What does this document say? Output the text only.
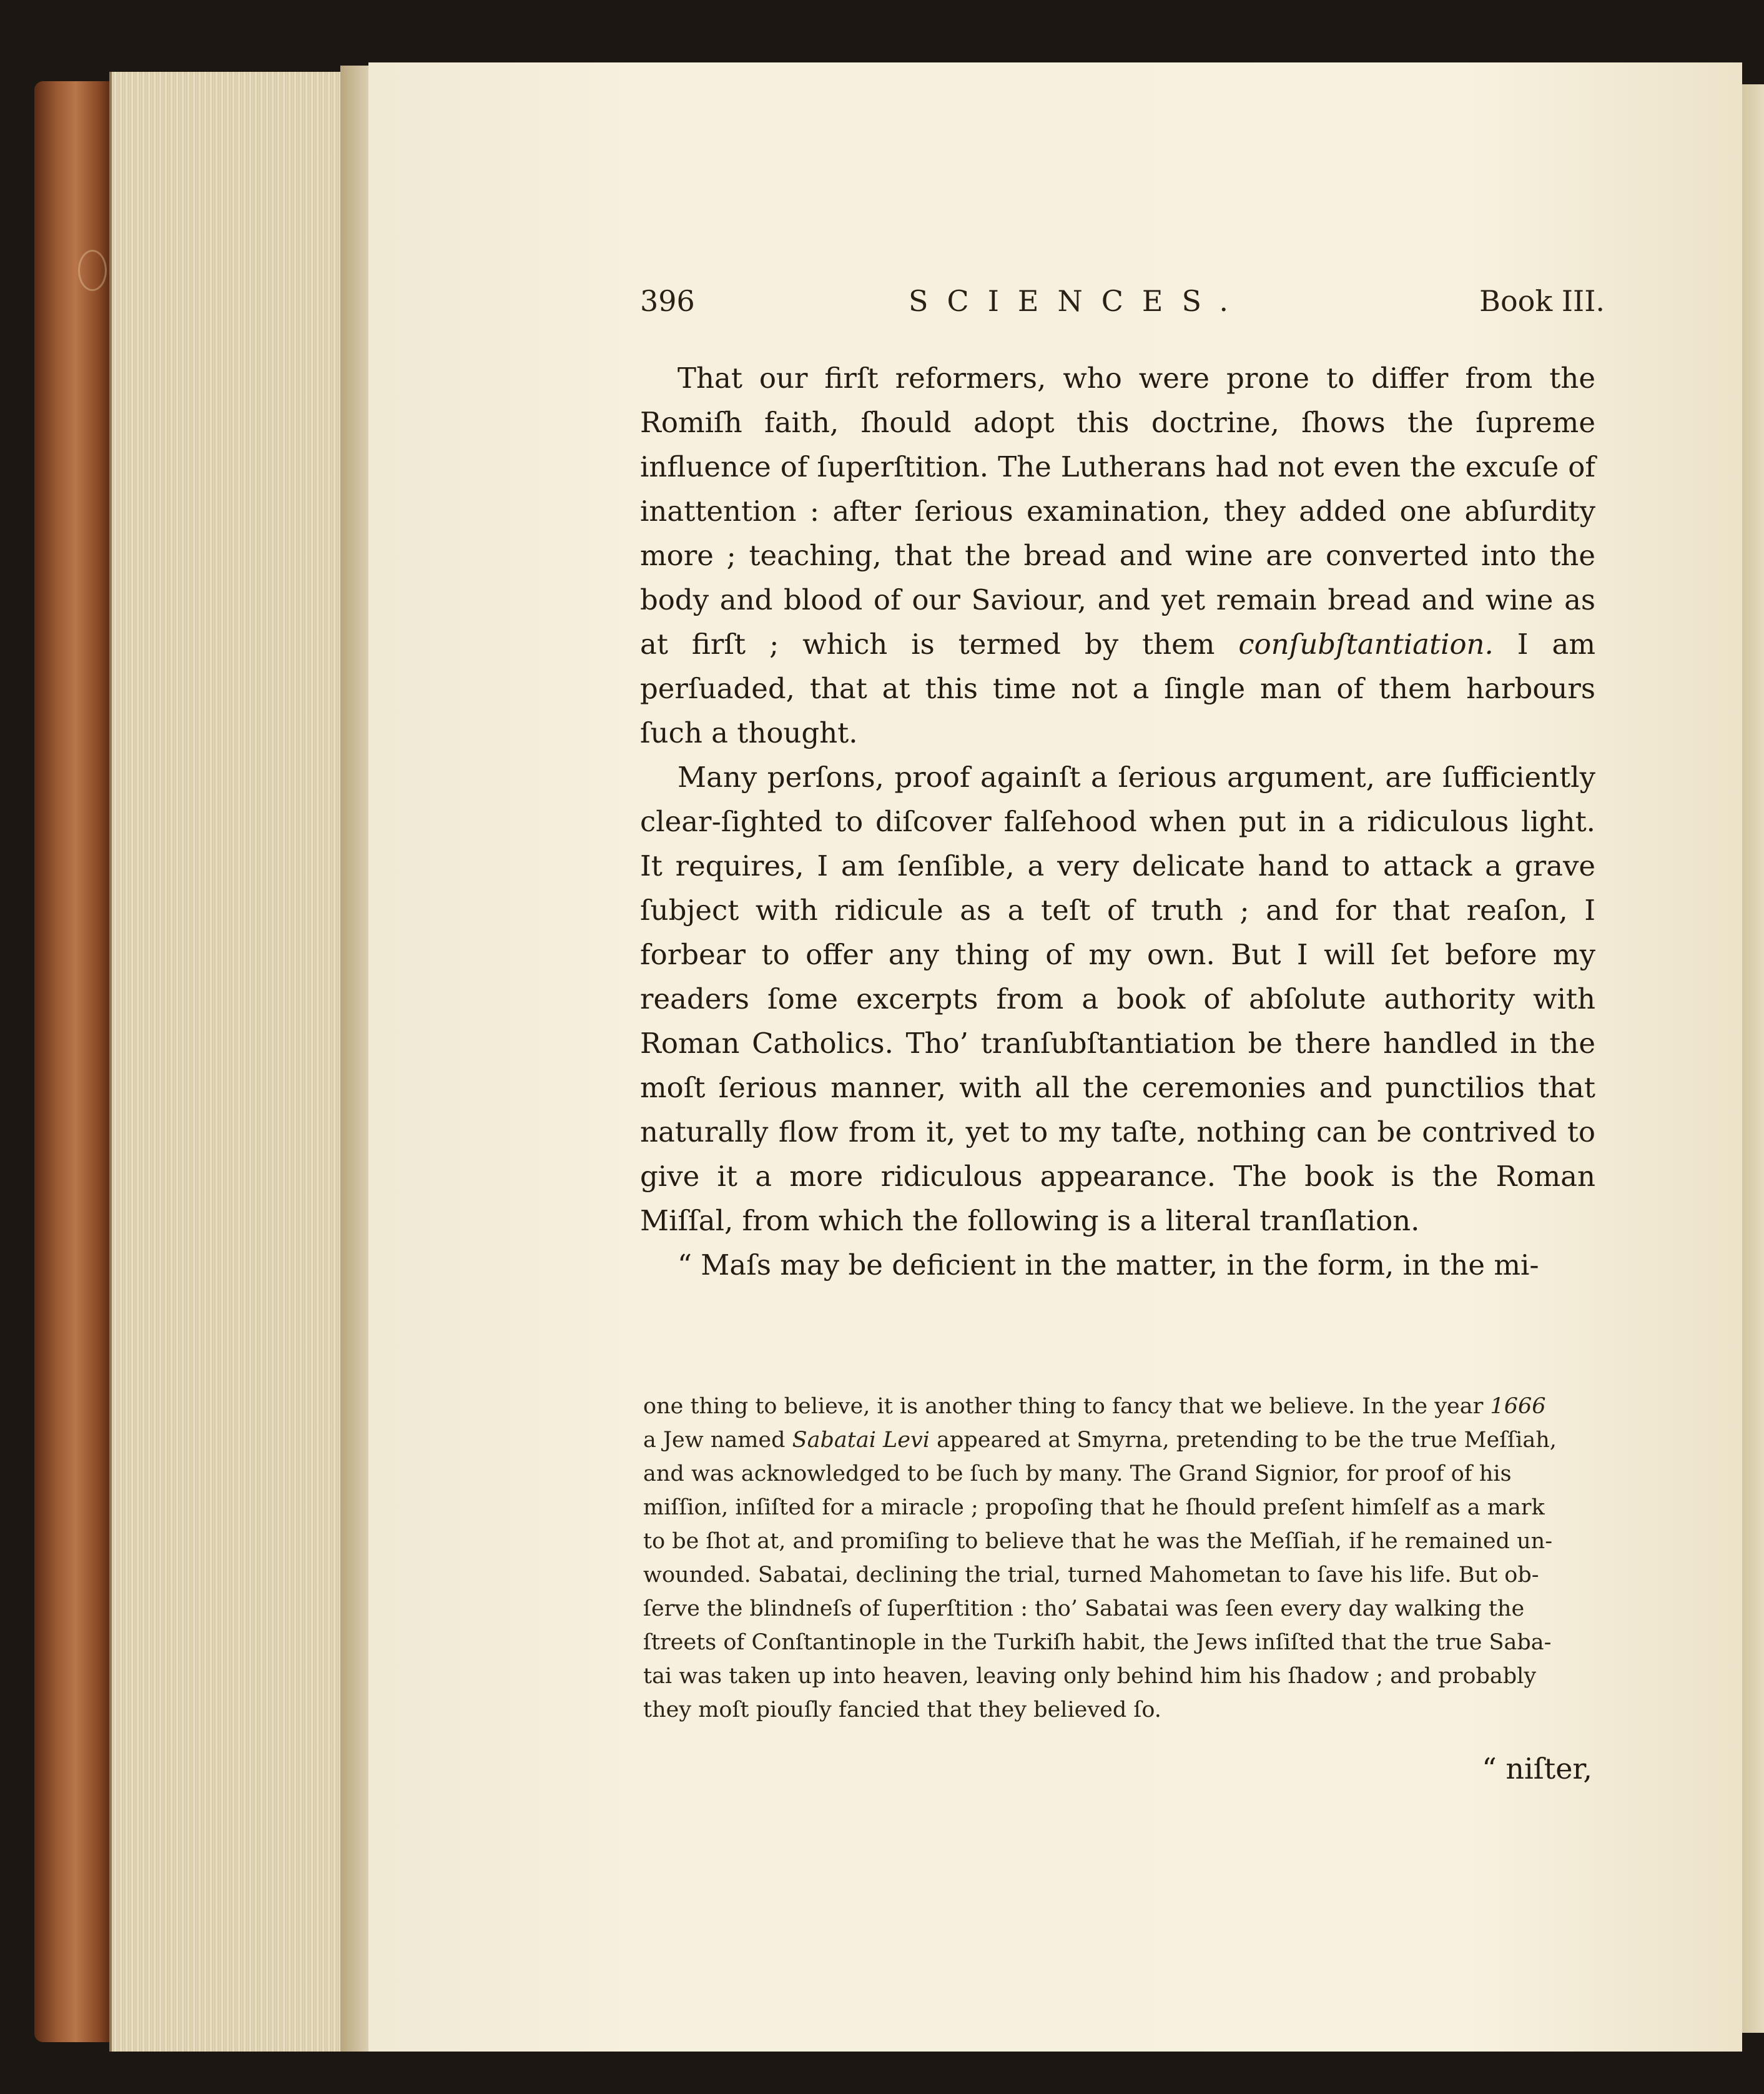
396	SCIENCES.	Book III.

That our firſt reformers, who were prone to differ from the Romiſh faith, ſhould adopt this doctrine, ſhows the ſupreme influence of ſuperſtition. The Lutherans had not even the excuſe of inattention : after ſerious examination, they added one abſurdity more ; teaching, that the bread and wine are converted into the body and blood of our Saviour, and yet remain bread and wine as at firſt ; which is termed by them conſubſtantiation. I am perſuaded, that at this time not a ſingle man of them harbours ſuch a thought.

Many perſons, proof againſt a ſerious argument, are ſufficiently clear-ſighted to diſcover falſehood when put in a ridiculous light. It requires, I am ſenſible, a very delicate hand to attack a grave ſubject with ridicule as a teſt of truth ; and for that reaſon, I forbear to offer any thing of my own. But I will ſet before my readers ſome excerpts from a book of abſolute authority with Roman Catholics. Tho’ tranſubſtantiation be there handled in the moſt ſerious manner, with all the ceremonies and punctilios that naturally flow from it, yet to my taſte, nothing can be contrived to give it a more ridiculous appearance. The book is the Roman Miſſal, from which the following is a literal tranſlation.

“ Maſs may be deficient in the matter, in the form, in the mi-

one thing to believe, it is another thing to fancy that we believe. In the year 1666
a Jew named Sabatai Levi appeared at Smyrna, pretending to be the true Meſſiah,
and was acknowledged to be ſuch by many. The Grand Signior, for proof of his
miſſion, inſiſted for a miracle ; propoſing that he ſhould preſent himſelf as a mark
to be ſhot at, and promiſing to believe that he was the Meſſiah, if he remained un-
wounded. Sabatai, declining the trial, turned Mahometan to ſave his life. But ob-
ſerve the blindneſs of ſuperſtition : tho’ Sabatai was ſeen every day walking the
ſtreets of Conſtantinople in the Turkiſh habit, the Jews inſiſted that the true Saba-
tai was taken up into heaven, leaving only behind him his ſhadow ; and probably
they moſt piouſly fancied that they believed ſo.
“ niſter,
